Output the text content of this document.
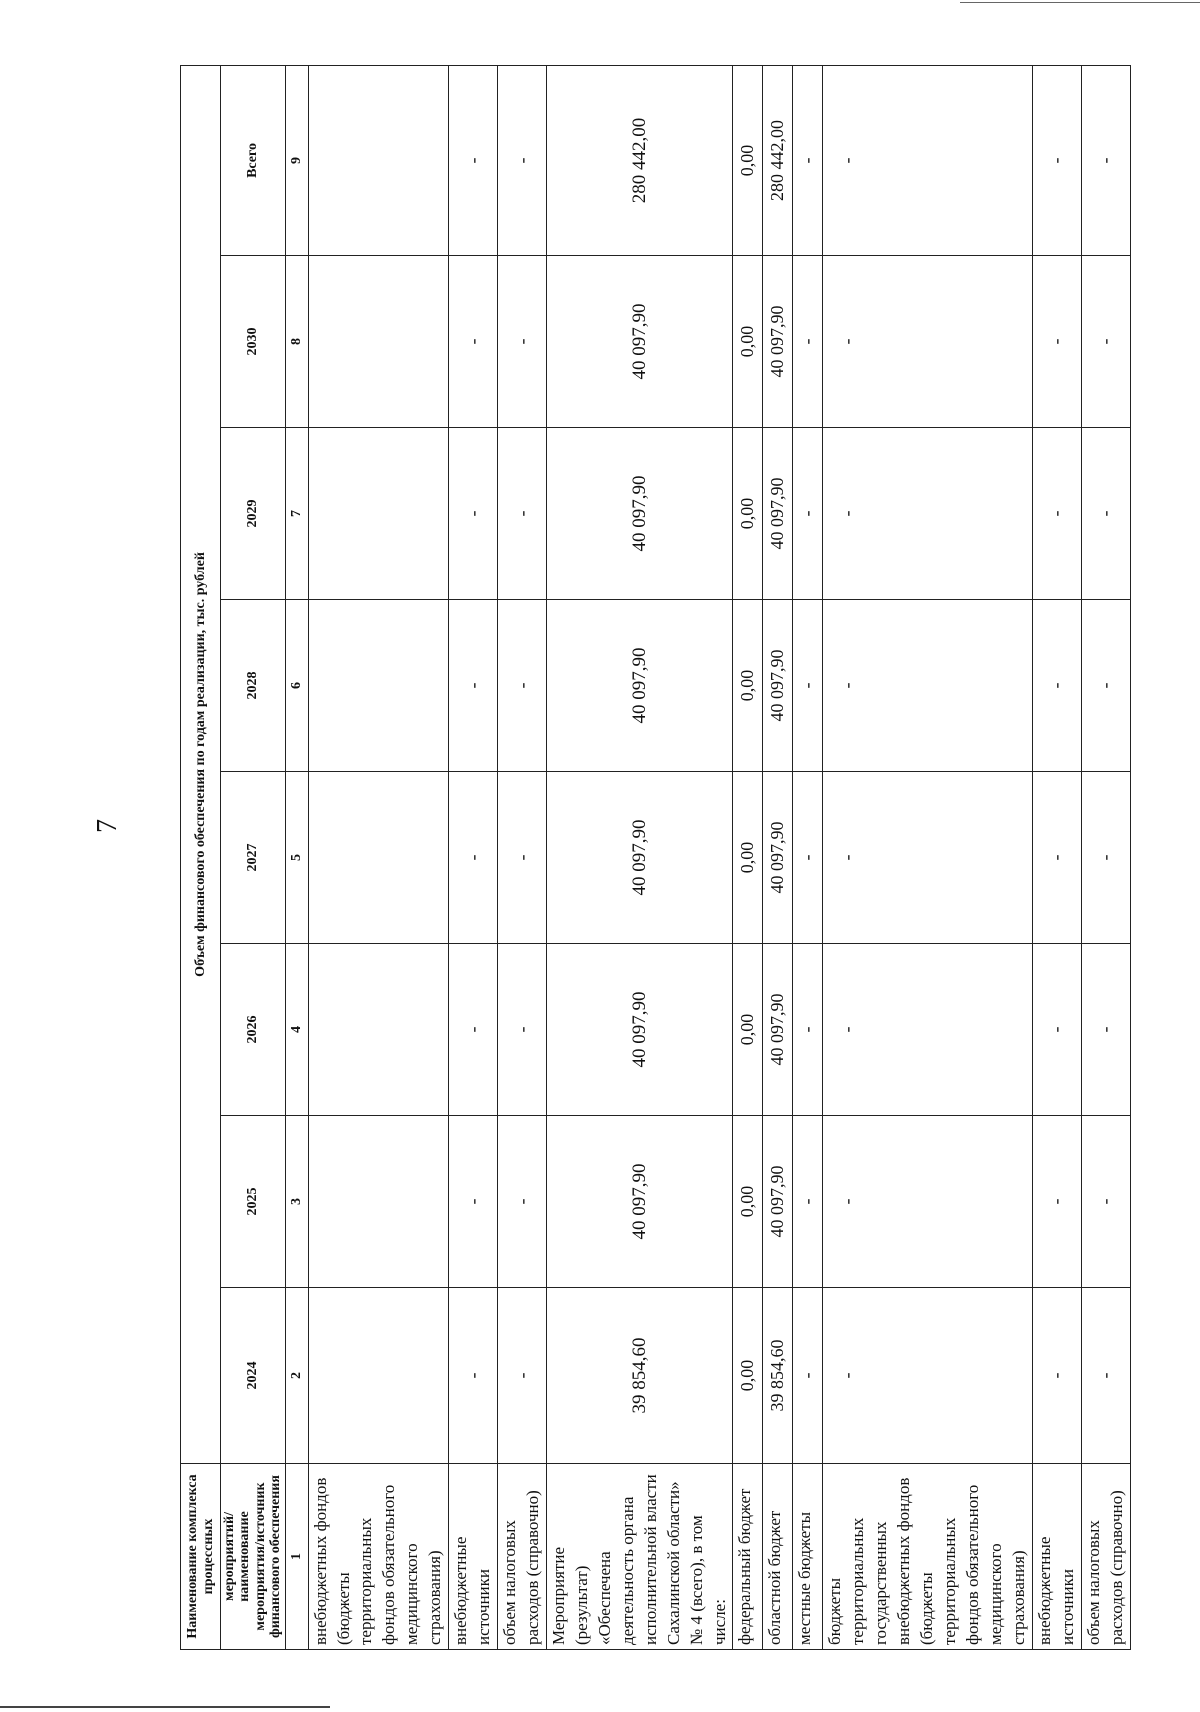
7
Наименование комплекса процессных	Объем финансового обеспечения по годам реализации, тыс. рублей							
мероприятий/наименование мероприятия/источник финансового обеспечения	2024	2025	2026	2027	2028	2029	2030	Всего
1	2	3	4	5	6	7	8	9
внебюджетных фондов (бюджеты территориальных фондов обязательного медицинского страхования)								
внебюджетные источники	-	-	-	-	-	-	-	-
объем налоговых расходов (справочно)	-	-	-	-	-	-	-	-
Мероприятие (результат) «Обеспечена деятельность органа исполнительной власти Сахалинской области» № 4 (всего), в том числе:	39 854,60	40 097,90	40 097,90	40 097,90	40 097,90	40 097,90	40 097,90	280 442,00
федеральный бюджет	0,00	0,00	0,00	0,00	0,00	0,00	0,00	0,00
областной бюджет	39 854,60	40 097,90	40 097,90	40 097,90	40 097,90	40 097,90	40 097,90	280 442,00
местные бюджеты	-	-	-	-	-	-	-	-
бюджеты территориальных государственных внебюджетных фондов (бюджеты территориальных фондов обязательного медицинского страхования)	-	-	-	-	-	-	-	-
внебюджетные источники	-	-	-	-	-	-	-	-
объем налоговых расходов (справочно)	-	-	-	-	-	-	-	-
